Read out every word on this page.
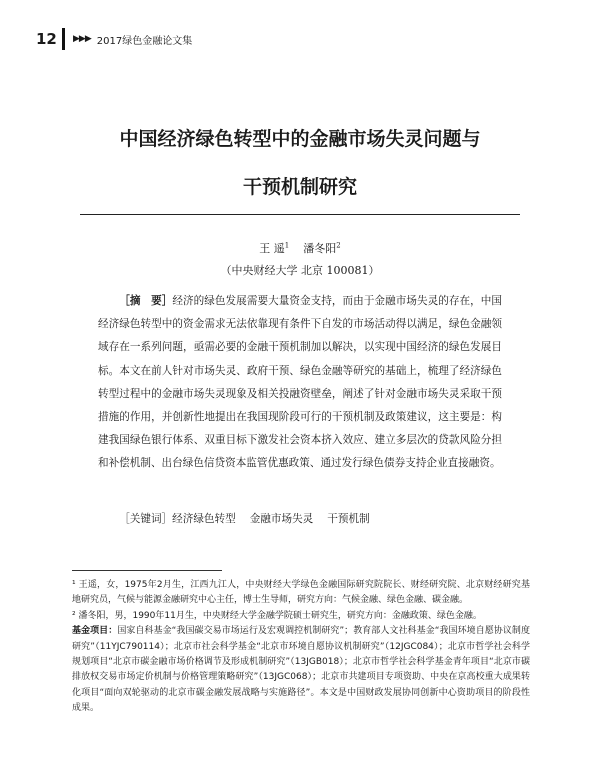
12	▶▶▶ 2017绿色金融论文集
中国经济绿色转型中的金融市场失灵问题与
干预机制研究
王 遥$^1$ 潘冬阳$^2$
（中央财经大学 北京 100081）
［摘　要］经济的绿色发展需要大量资金支持，而由于金融市场失灵的存在，中国经济绿色转型中的资金需求无法依靠现有条件下自发的市场活动得以满足，绿色金融领域存在一系列问题，亟需必要的金融干预机制加以解决，以实现中国经济的绿色发展目标。本文在前人针对市场失灵、政府干预、绿色金融等研究的基础上，梳理了经济绿色转型过程中的金融市场失灵现象及相关投融资壁垒，阐述了针对金融市场失灵采取干预措施的作用，并创新性地提出在我国现阶段可行的干预机制及政策建议，这主要是：构建我国绿色银行体系、双重目标下激发社会资本挤入效应、建立多层次的贷款风险分担和补偿机制、出台绿色信贷资本监管优惠政策、通过发行绿色债券支持企业直接融资。
［关键词］经济绿色转型 金融市场失灵 干预机制

¹ 王遥，女，1975年2月生，江西九江人，中央财经大学绿色金融国际研究院院长、财经研究院、北京财经研究基地研究员，气候与能源金融研究中心主任，博士生导师，研究方向：气候金融、绿色金融、碳金融。

² 潘冬阳，男，1990年11月生，中央财经大学金融学院硕士研究生，研究方向：金融政策、绿色金融。

基金项目：国家自科基金“我国碳交易市场运行及宏观调控机制研究”；教育部人文社科基金“我国环境自愿协议制度研究”（11YJC790114）；北京市社会科学基金“北京市环境自愿协议机制研究”（12JGC084）；北京市哲学社会科学规划项目“北京市碳金融市场价格调节及形成机制研究”（13JGB018）；北京市哲学社会科学基金青年项目“北京市碳排放权交易市场定价机制与价格管理策略研究”（13JGC068）；北京市共建项目专项资助、中央在京高校重大成果转化项目“面向双轮驱动的北京市碳金融发展战略与实施路径”。本文是中国财政发展协同创新中心资助项目的阶段性成果。
